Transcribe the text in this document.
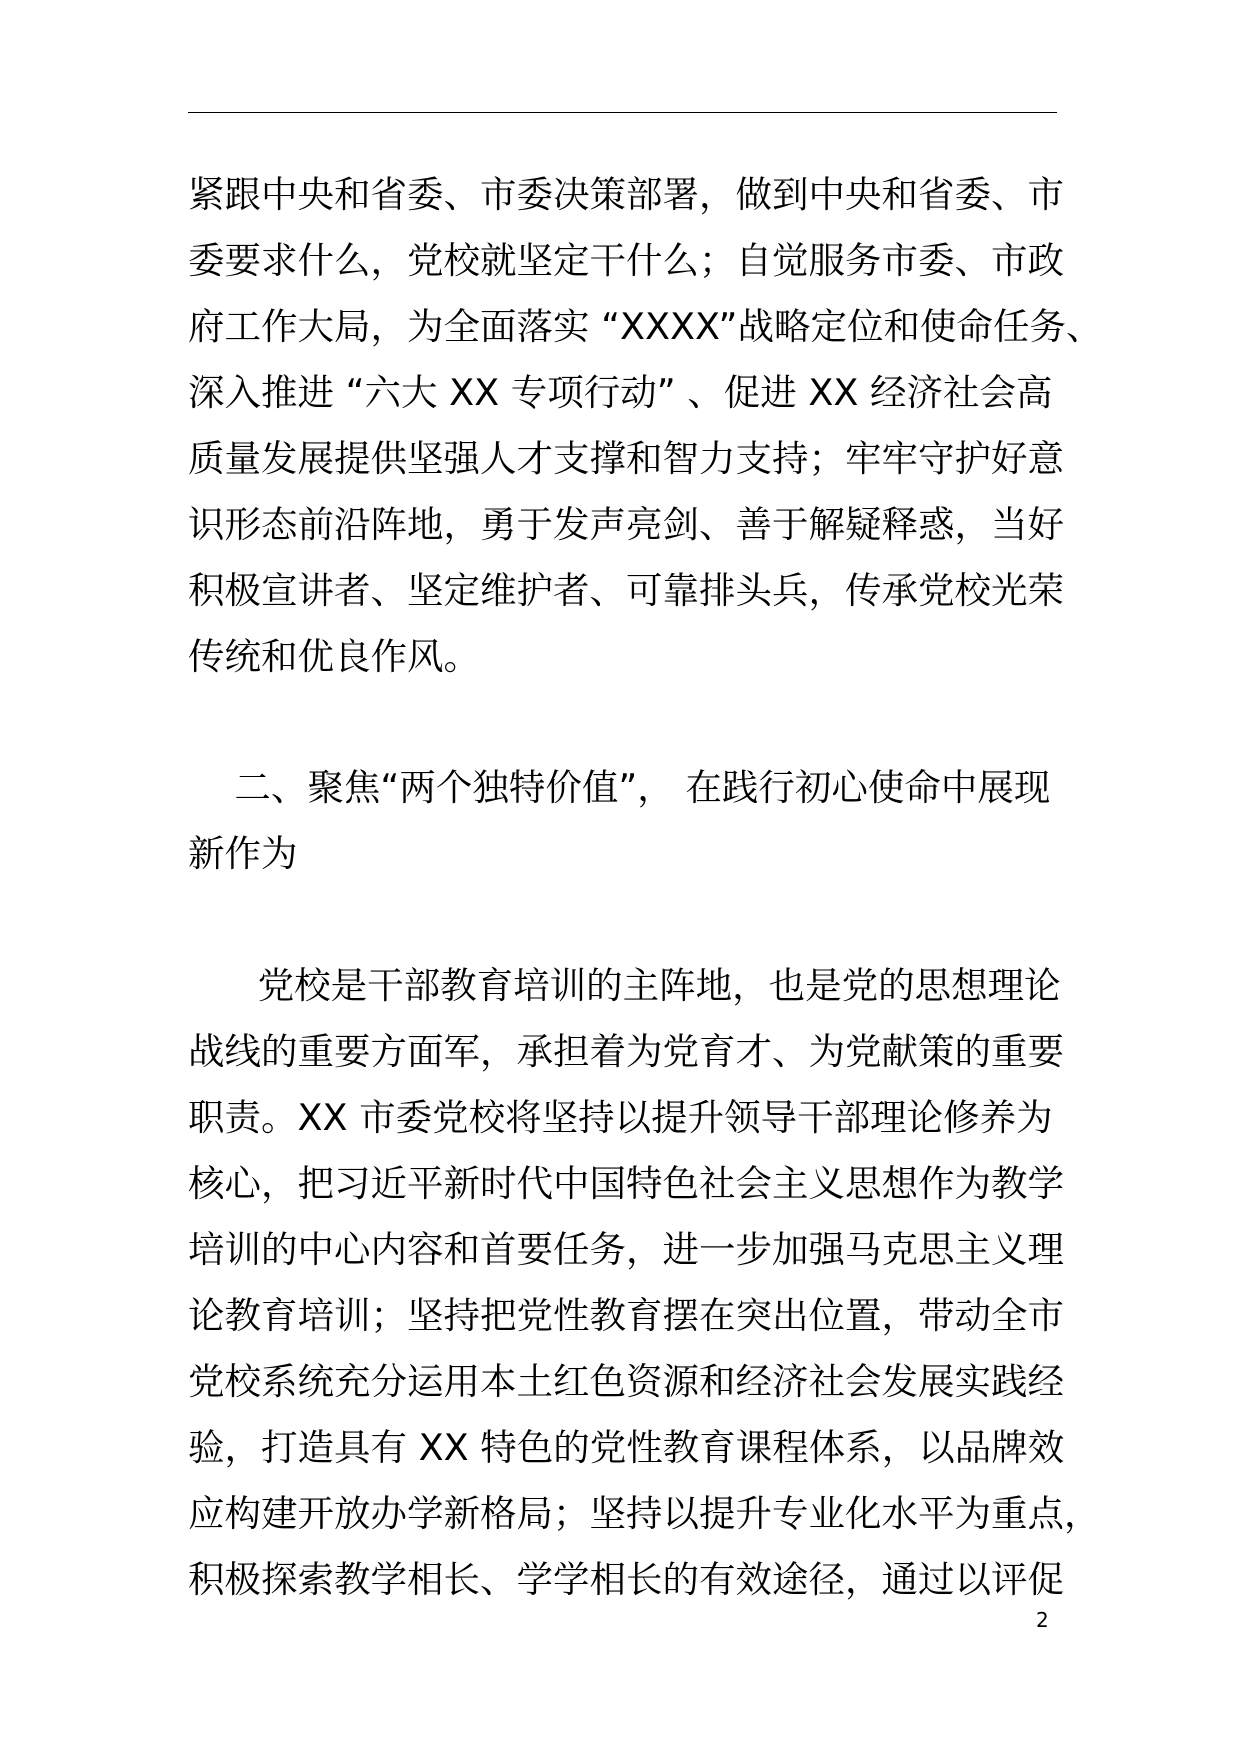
紧跟中央和省委、市委决策部署，做到中央和省委、市
委要求什么，党校就坚定干什么；自觉服务市委、市政
府工作大局，为全面落实 “XXXX”战略定位和使命任务、
深入推进 “六大 XX 专项行动” 、促进 XX 经济社会高
质量发展提供坚强人才支撑和智力支持；牢牢守护好意
识形态前沿阵地，勇于发声亮剑、善于解疑释惑，当好
积极宣讲者、坚定维护者、可靠排头兵，传承党校光荣
传统和优良作风。
二、聚焦“两个独特价值”， 在践行初心使命中展现
新作为
党校是干部教育培训的主阵地，也是党的思想理论
战线的重要方面军，承担着为党育才、为党献策的重要
职责。XX 市委党校将坚持以提升领导干部理论修养为
核心，把习近平新时代中国特色社会主义思想作为教学
培训的中心内容和首要任务，进一步加强马克思主义理
论教育培训；坚持把党性教育摆在突出位置，带动全市
党校系统充分运用本土红色资源和经济社会发展实践经
验，打造具有 XX 特色的党性教育课程体系，以品牌效
应构建开放办学新格局；坚持以提升专业化水平为重点，
积极探索教学相长、学学相长的有效途径，通过以评促
2
